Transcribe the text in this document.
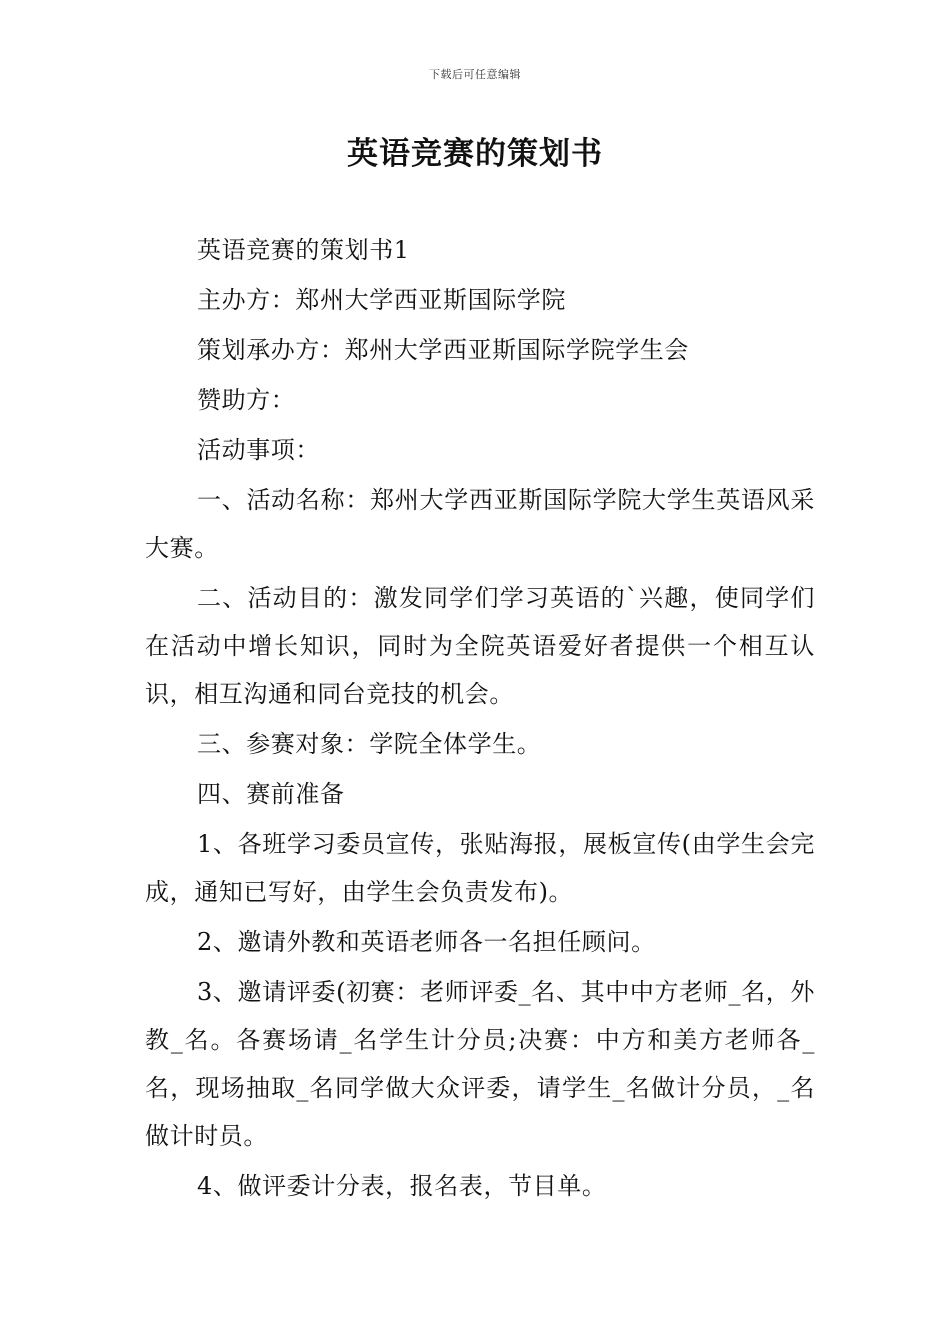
下载后可任意编辑
英语竞赛的策划书

英语竞赛的策划书1

主办方：郑州大学西亚斯国际学院

策划承办方：郑州大学西亚斯国际学院学生会

赞助方：

活动事项：

一、活动名称：郑州大学西亚斯国际学院大学生英语风采大赛。

二、活动目的：激发同学们学习英语的`兴趣，使同学们在活动中增长知识，同时为全院英语爱好者提供一个相互认识，相互沟通和同台竞技的机会。

三、参赛对象：学院全体学生。

四、赛前准备

1、各班学习委员宣传，张贴海报，展板宣传(由学生会完成，通知已写好，由学生会负责发布)。

2、邀请外教和英语老师各一名担任顾问。

3、邀请评委(初赛：老师评委_名、其中中方老师_名，外教_名。各赛场请_名学生计分员;决赛：中方和美方老师各_名，现场抽取_名同学做大众评委，请学生_名做计分员，_名做计时员。

4、做评委计分表，报名表，节目单。
